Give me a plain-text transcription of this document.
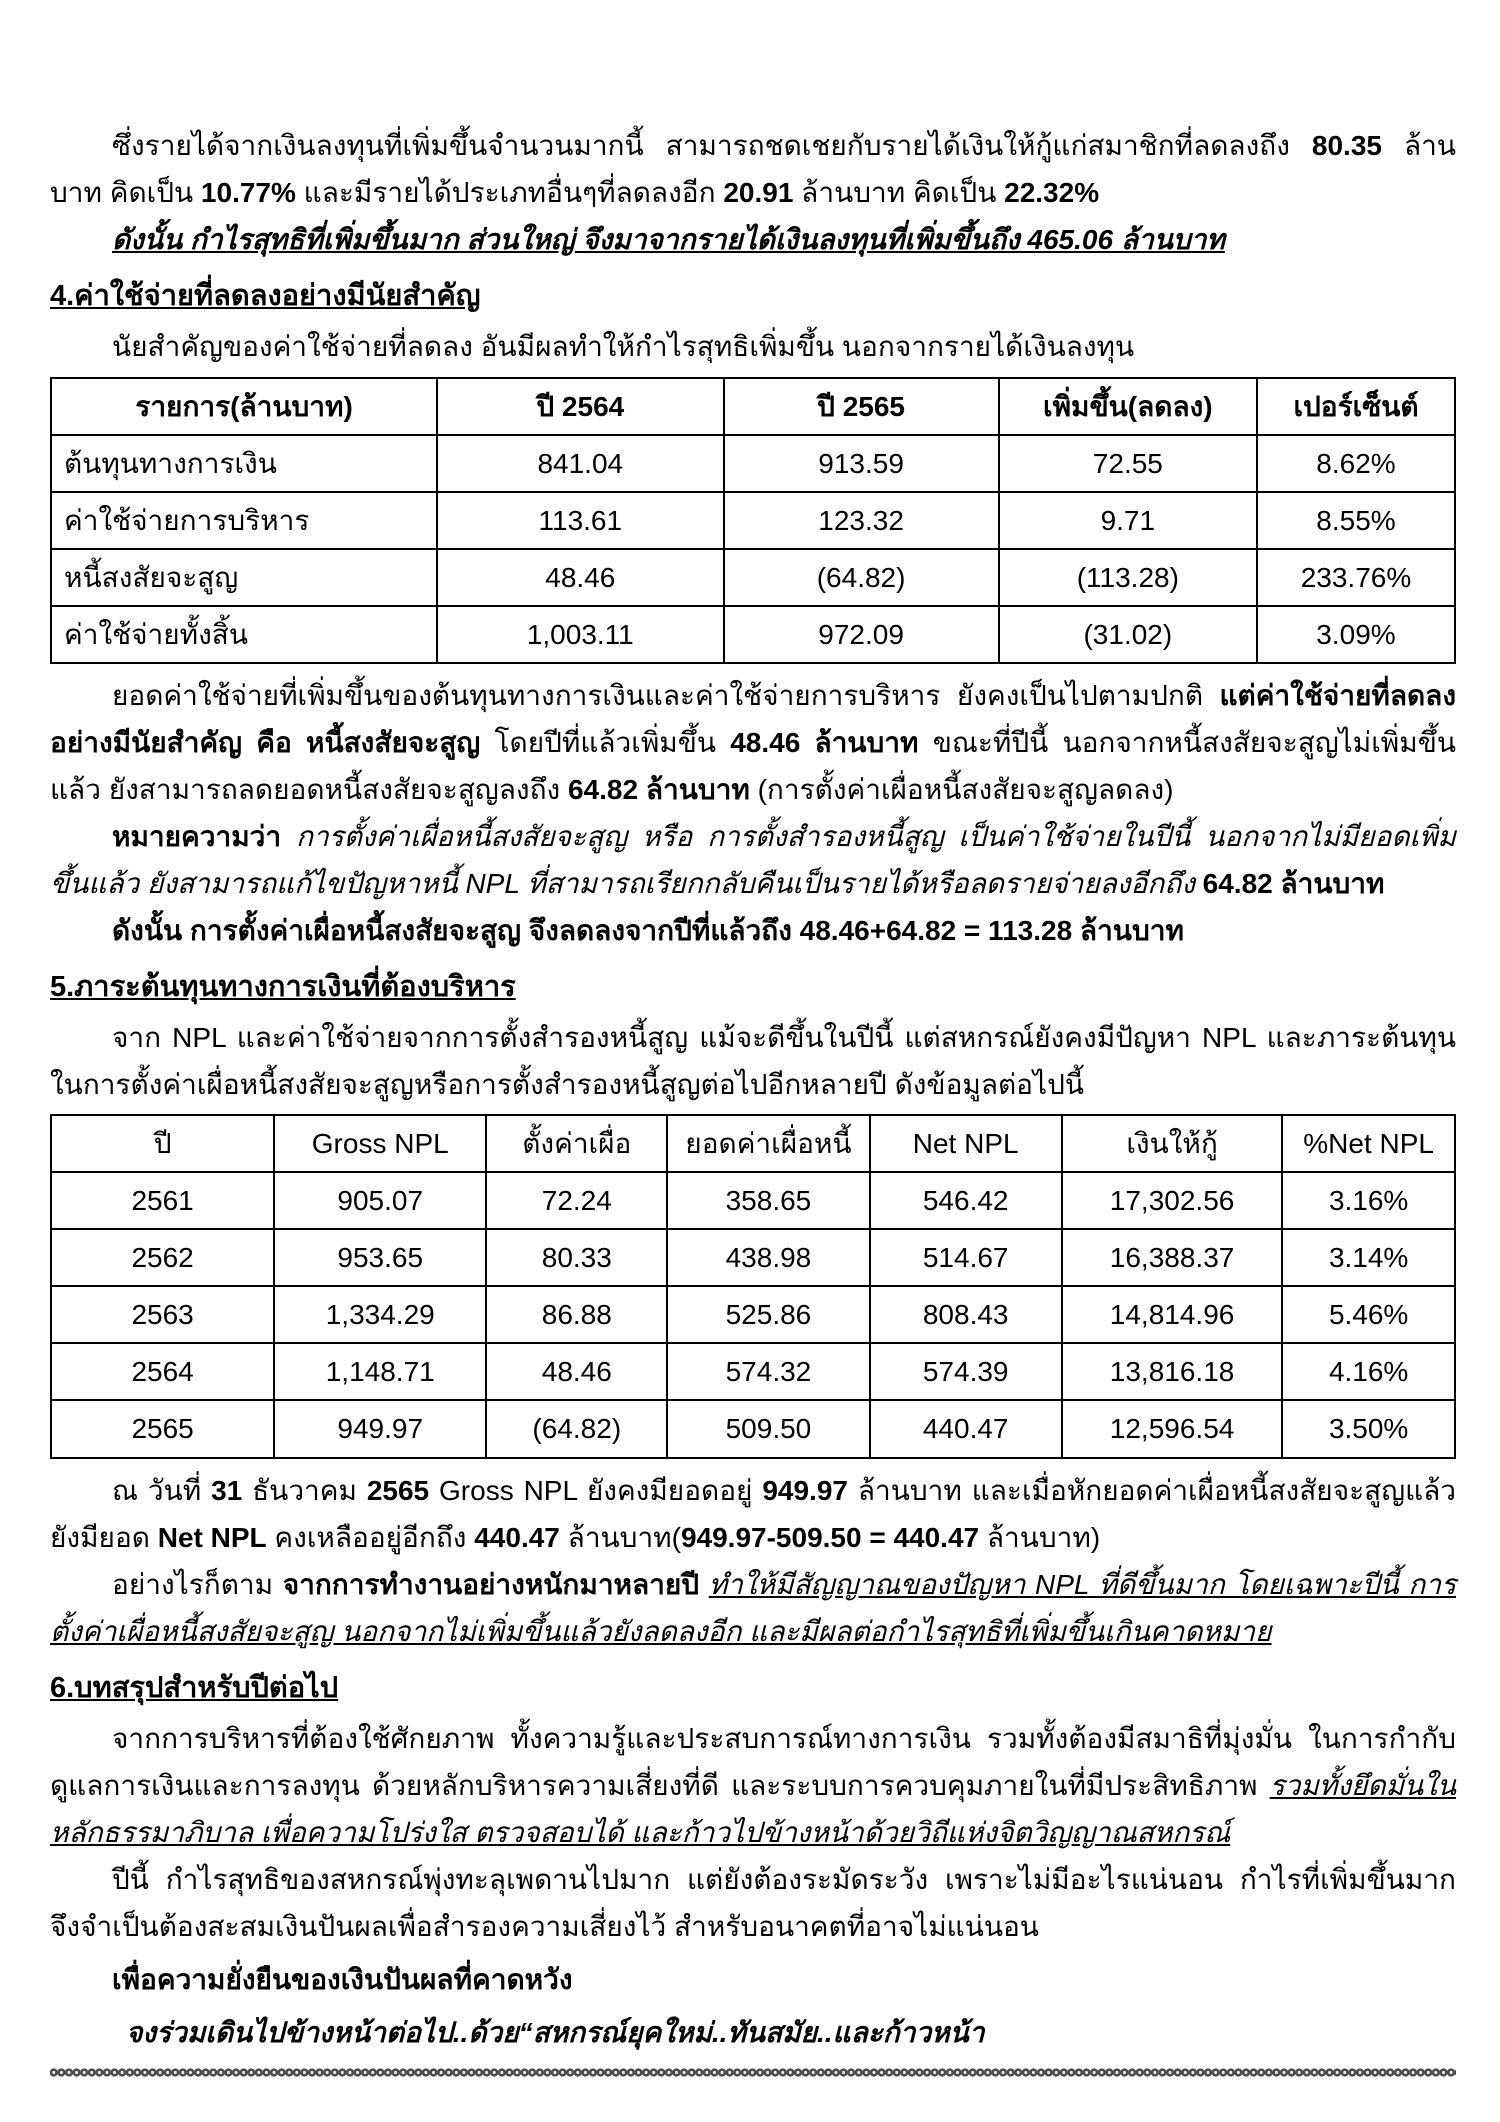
ซึ่งรายได้จากเงินลงทุนที่เพิ่มขึ้นจำนวนมากนี้ สามารถชดเชยกับรายได้เงินให้กู้แก่สมาชิกที่ลดลงถึง 80.35 ล้านบาท คิดเป็น 10.77% และมีรายได้ประเภทอื่นๆที่ลดลงอีก 20.91 ล้านบาท คิดเป็น 22.32%

ดังนั้น กำไรสุทธิที่เพิ่มขึ้นมาก ส่วนใหญ่ จึงมาจากรายได้เงินลงทุนที่เพิ่มขึ้นถึง 465.06 ล้านบาท

4.ค่าใช้จ่ายที่ลดลงอย่างมีนัยสำคัญ

นัยสำคัญของค่าใช้จ่ายที่ลดลง อันมีผลทำให้กำไรสุทธิเพิ่มขึ้น นอกจากรายได้เงินลงทุน

รายการ(ล้านบาท)	ปี 2564	ปี 2565	เพิ่มขึ้น(ลดลง)	เปอร์เซ็นต์
ต้นทุนทางการเงิน	841.04	913.59	72.55	8.62%
ค่าใช้จ่ายการบริหาร	113.61	123.32	9.71	8.55%
หนี้สงสัยจะสูญ	48.46	(64.82)	(113.28)	233.76%
ค่าใช้จ่ายทั้งสิ้น	1,003.11	972.09	(31.02)	3.09%

ยอดค่าใช้จ่ายที่เพิ่มขึ้นของต้นทุนทางการเงินและค่าใช้จ่ายการบริหาร ยังคงเป็นไปตามปกติ แต่ค่าใช้จ่ายที่ลดลงอย่างมีนัยสำคัญ คือ หนี้สงสัยจะสูญ โดยปีที่แล้วเพิ่มขึ้น 48.46 ล้านบาท ขณะที่ปีนี้ นอกจากหนี้สงสัยจะสูญไม่เพิ่มขึ้นแล้ว ยังสามารถลดยอดหนี้สงสัยจะสูญลงถึง 64.82 ล้านบาท (การตั้งค่าเผื่อหนี้สงสัยจะสูญลดลง)

หมายความว่า การตั้งค่าเผื่อหนี้สงสัยจะสูญ หรือ การตั้งสำรองหนี้สูญ เป็นค่าใช้จ่ายในปีนี้ นอกจากไม่มียอดเพิ่มขึ้นแล้ว ยังสามารถแก้ไขปัญหาหนี้ NPL ที่สามารถเรียกกลับคืนเป็นรายได้หรือลดรายจ่ายลงอีกถึง 64.82 ล้านบาท

ดังนั้น การตั้งค่าเผื่อหนี้สงสัยจะสูญ จึงลดลงจากปีที่แล้วถึง 48.46+64.82 = 113.28 ล้านบาท

5.ภาระต้นทุนทางการเงินที่ต้องบริหาร

จาก NPL และค่าใช้จ่ายจากการตั้งสำรองหนี้สูญ แม้จะดีขึ้นในปีนี้ แต่สหกรณ์ยังคงมีปัญหา NPL และภาระต้นทุนในการตั้งค่าเผื่อหนี้สงสัยจะสูญหรือการตั้งสำรองหนี้สูญต่อไปอีกหลายปี ดังข้อมูลต่อไปนี้

ปี	Gross NPL	ตั้งค่าเผื่อ	ยอดค่าเผื่อหนี้	Net NPL	เงินให้กู้	%Net NPL
2561	905.07	72.24	358.65	546.42	17,302.56	3.16%
2562	953.65	80.33	438.98	514.67	16,388.37	3.14%
2563	1,334.29	86.88	525.86	808.43	14,814.96	5.46%
2564	1,148.71	48.46	574.32	574.39	13,816.18	4.16%
2565	949.97	(64.82)	509.50	440.47	12,596.54	3.50%

ณ วันที่ 31 ธันวาคม 2565 Gross NPL ยังคงมียอดอยู่ 949.97 ล้านบาท และเมื่อหักยอดค่าเผื่อหนี้สงสัยจะสูญแล้ว ยังมียอด Net NPL คงเหลืออยู่อีกถึง 440.47 ล้านบาท(949.97-509.50 = 440.47 ล้านบาท)

อย่างไรก็ตาม จากการทำงานอย่างหนักมาหลายปี ทำให้มีสัญญาณของปัญหา NPL ที่ดีขึ้นมาก โดยเฉพาะปีนี้ การตั้งค่าเผื่อหนี้สงสัยจะสูญ นอกจากไม่เพิ่มขึ้นแล้วยังลดลงอีก และมีผลต่อกำไรสุทธิที่เพิ่มขึ้นเกินคาดหมาย

6.บทสรุปสำหรับปีต่อไป

จากการบริหารที่ต้องใช้ศักยภาพ ทั้งความรู้และประสบการณ์ทางการเงิน รวมทั้งต้องมีสมาธิที่มุ่งมั่น ในการกำกับดูแลการเงินและการลงทุน ด้วยหลักบริหารความเสี่ยงที่ดี และระบบการควบคุมภายในที่มีประสิทธิภาพ รวมทั้งยึดมั่นในหลักธรรมาภิบาล เพื่อความโปร่งใส ตรวจสอบได้ และก้าวไปข้างหน้าด้วยวิถีแห่งจิตวิญญาณสหกรณ์

ปีนี้ กำไรสุทธิของสหกรณ์พุ่งทะลุเพดานไปมาก แต่ยังต้องระมัดระวัง เพราะไม่มีอะไรแน่นอน กำไรที่เพิ่มขึ้นมาก จึงจำเป็นต้องสะสมเงินปันผลเพื่อสำรองความเสี่ยงไว้ สำหรับอนาคตที่อาจไม่แน่นอน

เพื่อความยั่งยืนของเงินปันผลที่คาดหวัง

จงร่วมเดินไปข้างหน้าต่อไป..ด้วย“สหกรณ์ยุคใหม่..ทันสมัย..และก้าวหน้า
